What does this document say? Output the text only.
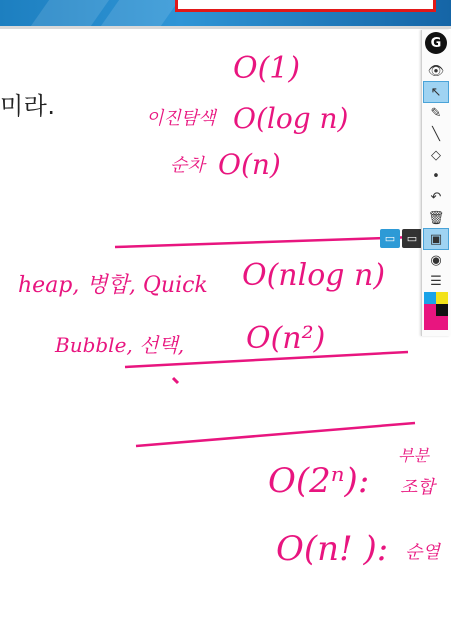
미라.
O(1)
이진탐색 O(log n)
순차 O(n)
heap, 병합, Quick O(nlog n)
Bubble, 선택, O(n²)
O(2ⁿ):
부분
조합
O(n! ): 순열
▭	▭
G
👁
↖
✎
╲
◇
•
↶
🗑
▣
◉
☰
